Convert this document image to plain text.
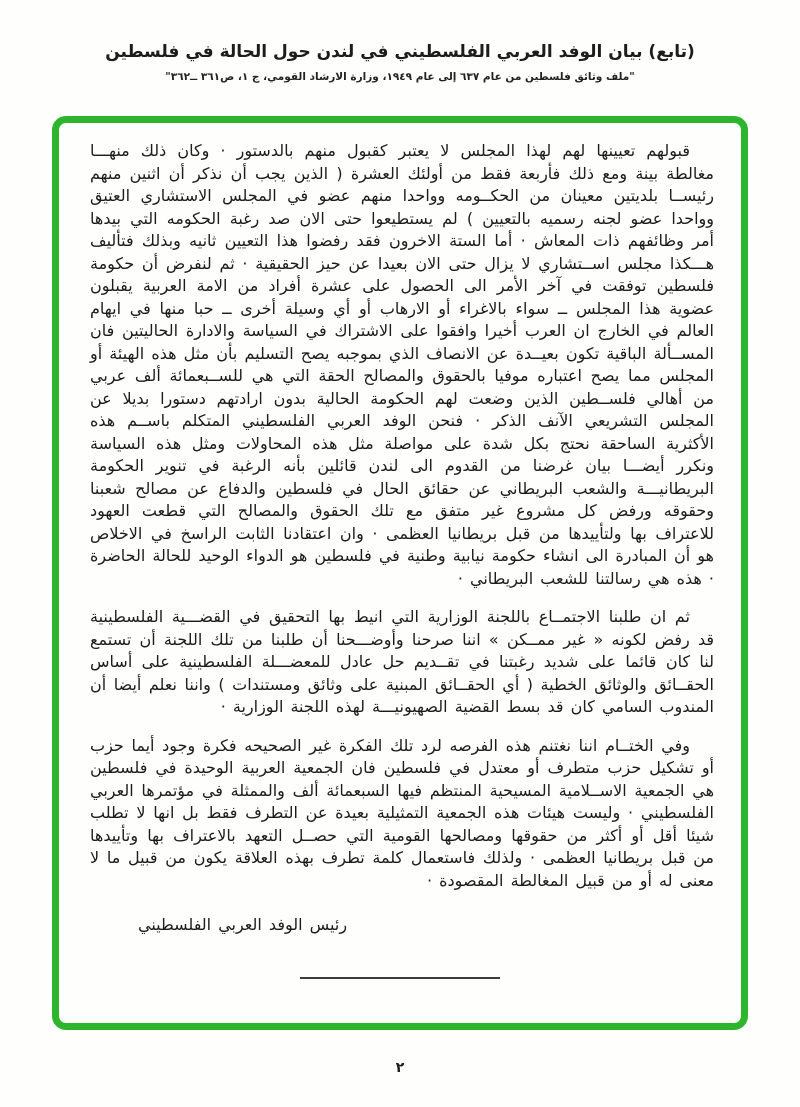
(تابع) بيان الوفد العربي الفلسطيني في لندن حول الحالة في فلسطين
"ملف وثائق فلسطين من عام ٦٣٧ إلى عام ١٩٤٩، وزارة الارشاد القومي، ج ١، ص٣٦١ ــ٣٦٢"

قبولهم تعيينها لهم لهذا المجلس لا يعتبر كقبول منهم بالدستور · وكان ذلك منهـــا مغالطة بينة ومع ذلك فأربعة فقط من أولئك العشرة ( الذين يجب أن نذكر أن اثنين منهم رئيســا بلديتين معينان من الحكــومه وواحدا منهم عضو في المجلس الاستشاري العتيق وواحدا عضو لجنه رسميه بالتعيين ) لم يستطيعوا حتى الان صد رغبة الحكومه التي بيدها أمر وظائفهم ذات المعاش · أما الستة الاخرون فقد رفضوا هذا التعيين ثانيه وبذلك فتأليف هـــكذا مجلس اســتشاري لا يزال حتى الان بعيدا عن حيز الحقيقية · ثم لنفرض أن حكومة فلسطين توفقت في آخر الأمر الى الحصول على عشرة أفراد من الامة العربية يقبلون عضوية هذا المجلس ــ سواء بالاغراء أو الارهاب أو أي وسيلة أخرى ــ حبا منها في ايهام العالم في الخارج ان العرب أخيرا وافقوا على الاشتراك في السياسة والادارة الحاليتين فان المســألة الباقية تكون بعيــدة عن الانصاف الذي بموجبه يصح التسليم بأن مثل هذه الهيئة أو المجلس مما يصح اعتباره موفيا بالحقوق والمصالح الحقة التي هي للســبعمائة ألف عربي من أهالي فلســطين الذين وضعت لهم الحكومة الحالية بدون ارادتهم دستورا بديلا عن المجلس التشريعي الآنف الذكر · فنحن الوفد العربي الفلسطيني المتكلم باســم هذه الأكثرية الساحقة نحتج بكل شدة على مواصلة مثل هذه المحاولات ومثل هذه السياسة ونكرر أيضـــا بيان غرضنا من القدوم الى لندن قائلين بأنه الرغبة في تنوير الحكومة البريطانيـــة والشعب البريطاني عن حقائق الحال في فلسطين والدفاع عن مصالح شعبنا وحقوقه ورفض كل مشروع غير متفق مع تلك الحقوق والمصالح التي قطعت العهود للاعتراف بها ولتأييدها من قبل بريطانيا العظمى · وان اعتقادنا الثابت الراسخ في الاخلاص هو أن المبادرة الى انشاء حكومة نيابية وطنية في فلسطين هو الدواء الوحيد للحالة الحاضرة · هذه هي رسالتنا للشعب البريطاني ·

ثم ان طلبنا الاجتمــاع باللجنة الوزارية التي انيط بها التحقيق في القضـــية الفلسطينية قد رفض لكونه « غير ممــكن » اننا صرحنا وأوضـــحنا أن طلبنا من تلك اللجنة أن تستمع لنا كان قائما على شديد رغبتنا في تقــديم حل عادل للمعضـــلة الفلسطينية على أساس الحقــائق والوثائق الخطية ( أي الحقــائق المبنية على وثائق ومستندات ) واننا نعلم أيضا أن المندوب السامي كان قد بسط القضية الصهيونيـــة لهذه اللجنة الوزارية ·

وفي الختــام اننا نغتنم هذه الفرصه لرد تلك الفكرة غير الصحيحه فكرة وجود أيما حزب أو تشكيل حزب متطرف أو معتدل في فلسطين فان الجمعية العربية الوحيدة في فلسطين هي الجمعية الاســلامية المسيحية المنتظم فيها السبعمائة ألف والممثلة في مؤتمرها العربي الفلسطيني · وليست هيئات هذه الجمعية التمثيلية بعيدة عن التطرف فقط بل انها لا تطلب شيئا أقل أو أكثر من حقوقها ومصالحها القومية التي حصــل التعهد بالاعتراف بها وتأييدها من قبل بريطانيا العظمى · ولذلك فاستعمال كلمة تطرف بهذه العلاقة يكون من قبيل ما لا معنى له أو من قبيل المغالطة المقصودة ·

رئيس الوفد العربي الفلسطيني
٢
